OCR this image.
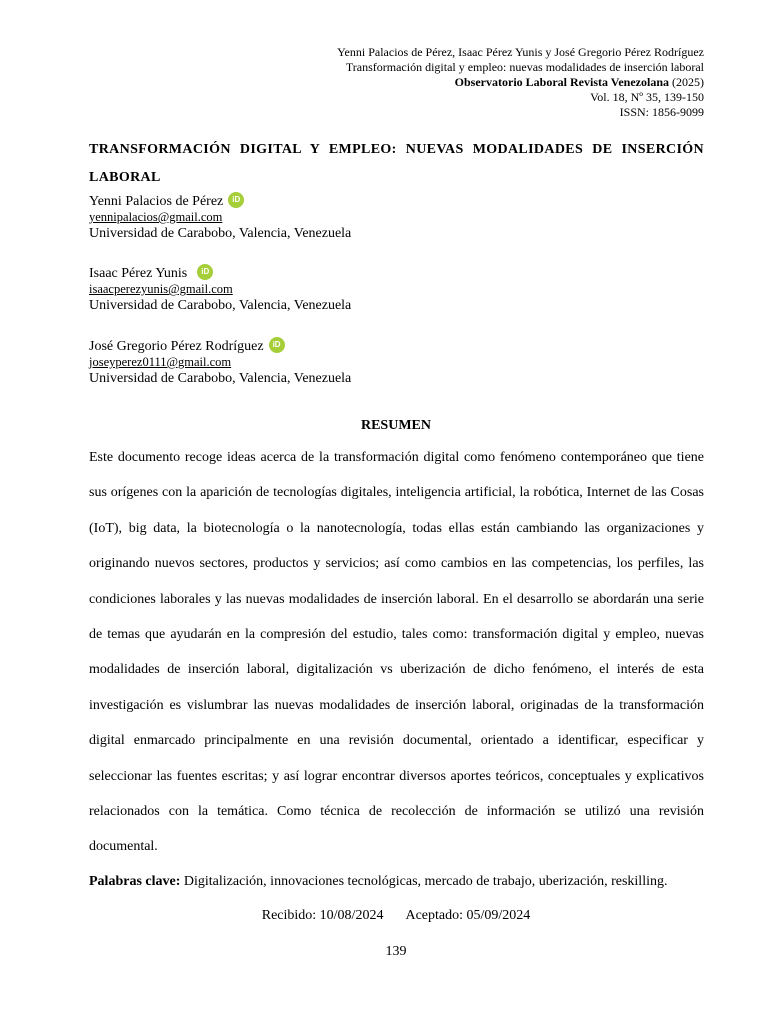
Yenni Palacios de Pérez, Isaac Pérez Yunis y José Gregorio Pérez Rodríguez
Transformación digital y empleo: nuevas modalidades de inserción laboral
Observatorio Laboral Revista Venezolana (2025)
Vol. 18, Nº 35, 139-150
ISSN: 1856-9099
TRANSFORMACIÓN DIGITAL Y EMPLEO: NUEVAS MODALIDADES DE INSERCIÓN LABORAL
Yenni Palacios de Pérez	iD
yennipalacios@gmail.com
Universidad de Carabobo, Valencia, Venezuela
Isaac Pérez Yunis	iD
isaacperezyunis@gmail.com
Universidad de Carabobo, Valencia, Venezuela
José Gregorio Pérez Rodríguez	iD
joseyperez0111@gmail.com
Universidad de Carabobo, Valencia, Venezuela
RESUMEN
Este documento recoge ideas acerca de la transformación digital como fenómeno contemporáneo que tiene sus orígenes con la aparición de tecnologías digitales, inteligencia artificial, la robótica, Internet de las Cosas (IoT), big data, la biotecnología o la nanotecnología, todas ellas están cambiando las organizaciones y originando nuevos sectores, productos y servicios; así como cambios en las competencias, los perfiles, las condiciones laborales y las nuevas modalidades de inserción laboral. En el desarrollo se abordarán una serie de temas que ayudarán en la compresión del estudio, tales como: transformación digital y empleo, nuevas modalidades de inserción laboral, digitalización vs uberización de dicho fenómeno, el interés de esta investigación es vislumbrar las nuevas modalidades de inserción laboral, originadas de la transformación digital enmarcado principalmente en una revisión documental, orientado a identificar, especificar y seleccionar las fuentes escritas; y así lograr encontrar diversos aportes teóricos, conceptuales y explicativos relacionados con la temática. Como técnica de recolección de información se utilizó una revisión documental.
Palabras clave: Digitalización, innovaciones tecnológicas, mercado de trabajo, uberización, reskilling.
Recibido: 10/08/2024 Aceptado: 05/09/2024
139
